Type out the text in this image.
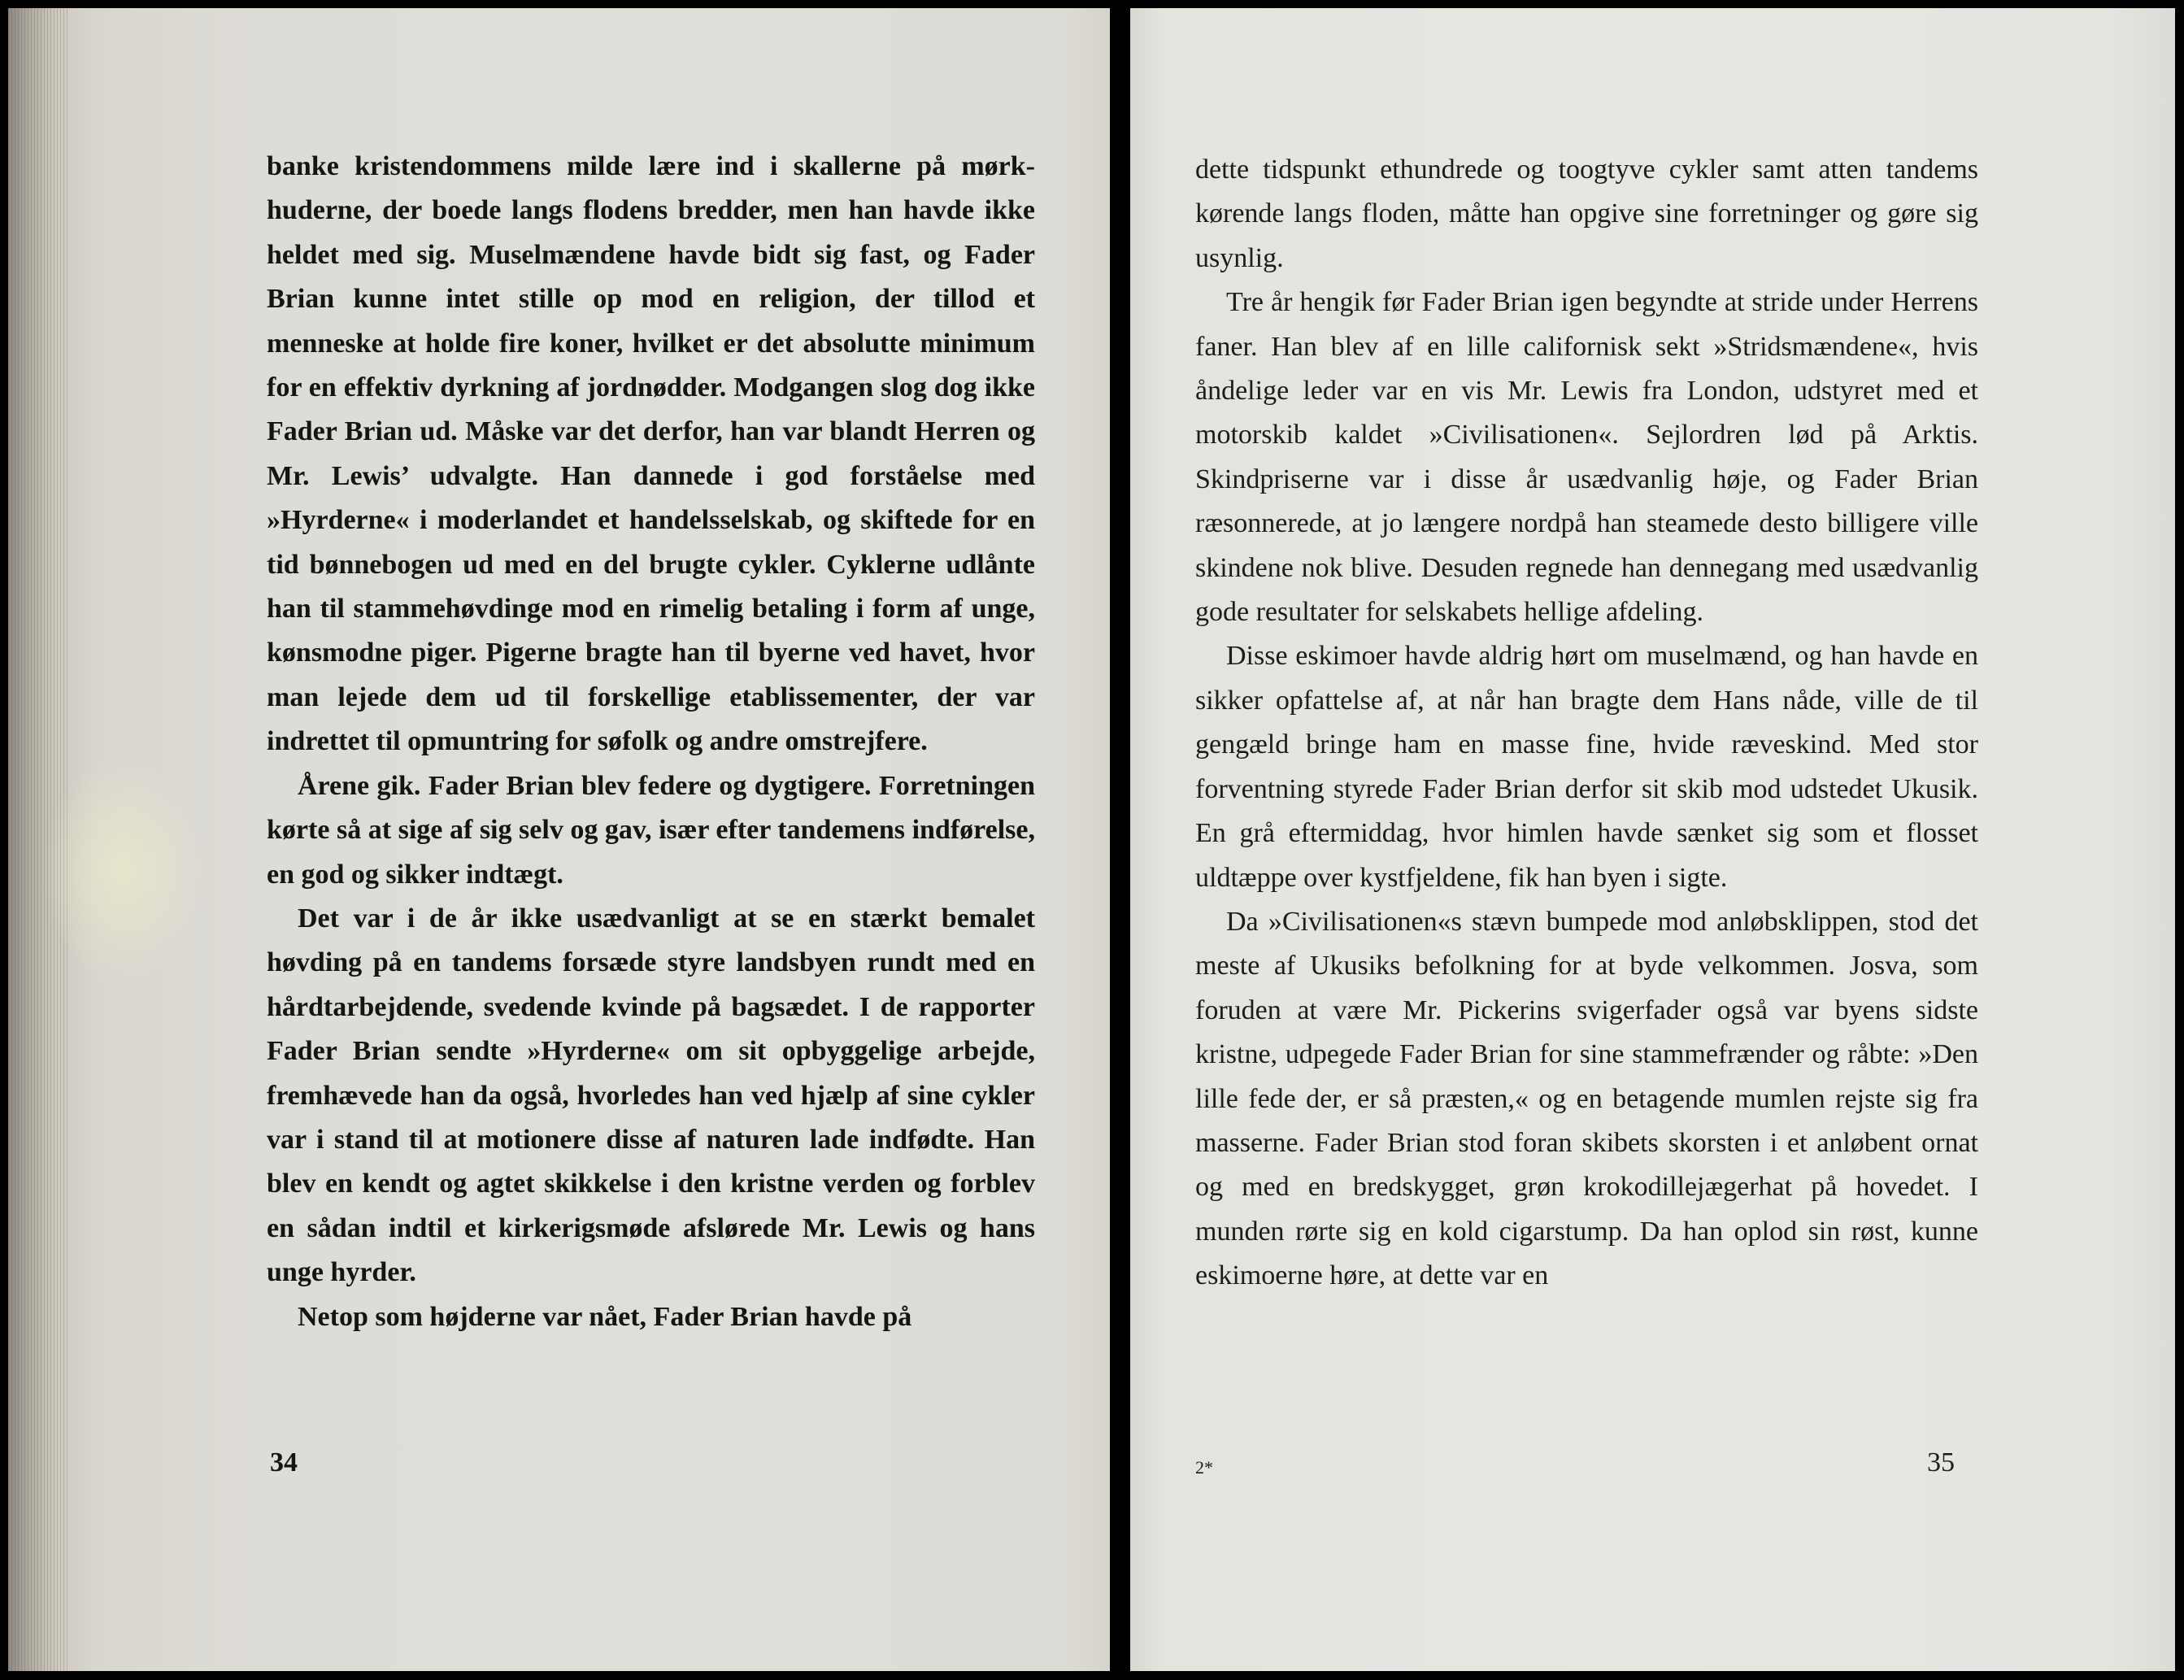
banke kristendommens milde lære ind i skallerne på mørkhuderne, der boede langs flodens bredder, men han havde ikke heldet med sig. Muselmændene havde bidt sig fast, og Fader Brian kunne intet stille op mod en religion, der tillod et menneske at holde fire koner, hvilket er det absolutte minimum for en effektiv dyrkning af jordnødder. Modgangen slog dog ikke Fader Brian ud. Måske var det derfor, han var blandt Herren og Mr. Lewis’ udvalgte. Han dannede i god forståelse med »Hyrderne« i moderlandet et handelsselskab, og skiftede for en tid bønnebogen ud med en del brugte cykler. Cyklerne udlånte han til stammehøvdinge mod en rimelig betaling i form af unge, kønsmodne piger. Pigerne bragte han til byerne ved havet, hvor man lejede dem ud til forskellige etablissementer, der var indrettet til opmuntring for søfolk og andre omstrejfere.

Årene gik. Fader Brian blev federe og dygtigere. Forretningen kørte så at sige af sig selv og gav, især efter tandemens indførelse, en god og sikker indtægt.

Det var i de år ikke usædvanligt at se en stærkt bemalet høvding på en tandems forsæde styre landsbyen rundt med en hårdtarbejdende, svedende kvinde på bagsædet. I de rapporter Fader Brian sendte »Hyrderne« om sit opbyggelige arbejde, fremhævede han da også, hvorledes han ved hjælp af sine cykler var i stand til at motionere disse af naturen lade indfødte. Han blev en kendt og agtet skikkelse i den kristne verden og forblev en sådan indtil et kirkerigsmøde afslørede Mr. Lewis og hans unge hyrder.

Netop som højderne var nået, Fader Brian havde på

34

dette tidspunkt ethundrede og toogtyve cykler samt atten tandems kørende langs floden, måtte han opgive sine forretninger og gøre sig usynlig.

Tre år hengik før Fader Brian igen begyndte at stride under Herrens faner. Han blev af en lille californisk sekt »Stridsmændene«, hvis åndelige leder var en vis Mr. Lewis fra London, udstyret med et motorskib kaldet »Civilisationen«. Sejlordren lød på Arktis. Skindpriserne var i disse år usædvanlig høje, og Fader Brian ræsonnerede, at jo længere nordpå han steamede desto billigere ville skindene nok blive. Desuden regnede han dennegang med usædvanlig gode resultater for selskabets hellige afdeling.

Disse eskimoer havde aldrig hørt om muselmænd, og han havde en sikker opfattelse af, at når han bragte dem Hans nåde, ville de til gengæld bringe ham en masse fine, hvide ræveskind. Med stor forventning styrede Fader Brian derfor sit skib mod udstedet Ukusik. En grå eftermiddag, hvor himlen havde sænket sig som et flosset uldtæppe over kystfjeldene, fik han byen i sigte.

Da »Civilisationen«s stævn bumpede mod anløbsklippen, stod det meste af Ukusiks befolkning for at byde velkommen. Josva, som foruden at være Mr. Pickerins svigerfader også var byens sidste kristne, udpegede Fader Brian for sine stammefrænder og råbte: »Den lille fede der, er så præsten,« og en betagende mumlen rejste sig fra masserne. Fader Brian stod foran skibets skorsten i et anløbent ornat og med en bredskygget, grøn krokodillejægerhat på hovedet. I munden rørte sig en kold cigarstump. Da han oplod sin røst, kunne eskimoerne høre, at dette var en

2*	35
